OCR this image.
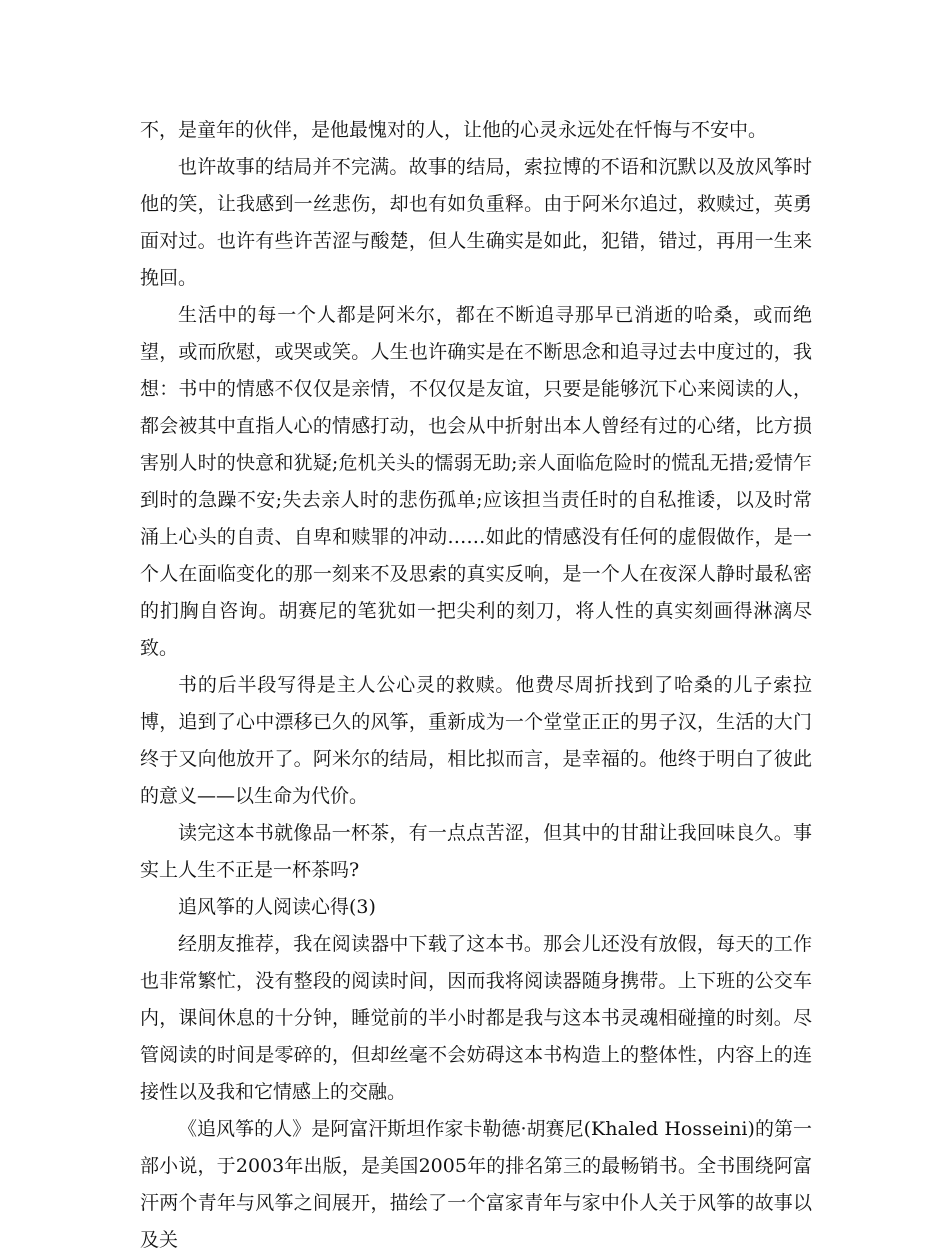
不，是童年的伙伴，是他最愧对的人，让他的心灵永远处在忏悔与不安中。

也许故事的结局并不完满。故事的结局，索拉博的不语和沉默以及放风筝时他的笑，让我感到一丝悲伤，却也有如负重释。由于阿米尔追过，救赎过，英勇面对过。也许有些许苦涩与酸楚，但人生确实是如此，犯错，错过，再用一生来挽回。

生活中的每一个人都是阿米尔，都在不断追寻那早已消逝的哈桑，或而绝望，或而欣慰，或哭或笑。人生也许确实是在不断思念和追寻过去中度过的，我想：书中的情感不仅仅是亲情，不仅仅是友谊，只要是能够沉下心来阅读的人，都会被其中直指人心的情感打动，也会从中折射出本人曾经有过的心绪，比方损害别人时的快意和犹疑;危机关头的懦弱无助;亲人面临危险时的慌乱无措;爱情乍到时的急躁不安;失去亲人时的悲伤孤单;应该担当责任时的自私推诿，以及时常涌上心头的自责、自卑和赎罪的冲动……如此的情感没有任何的虚假做作，是一个人在面临变化的那一刻来不及思索的真实反响，是一个人在夜深人静时最私密的扪胸自咨询。胡赛尼的笔犹如一把尖利的刻刀，将人性的真实刻画得淋漓尽致。

书的后半段写得是主人公心灵的救赎。他费尽周折找到了哈桑的儿子索拉博，追到了心中漂移已久的风筝，重新成为一个堂堂正正的男子汉，生活的大门终于又向他放开了。阿米尔的结局，相比拟而言，是幸福的。他终于明白了彼此的意义——以生命为代价。

读完这本书就像品一杯茶，有一点点苦涩，但其中的甘甜让我回味良久。事实上人生不正是一杯茶吗?

追风筝的人阅读心得(3)

经朋友推荐，我在阅读器中下载了这本书。那会儿还没有放假，每天的工作也非常繁忙，没有整段的阅读时间，因而我将阅读器随身携带。上下班的公交车内，课间休息的十分钟，睡觉前的半小时都是我与这本书灵魂相碰撞的时刻。尽管阅读的时间是零碎的，但却丝毫不会妨碍这本书构造上的整体性，内容上的连接性以及我和它情感上的交融。

《追风筝的人》是阿富汗斯坦作家卡勒德·胡赛尼(Khaled Hosseini)的第一部小说，于2003年出版，是美国2005年的排名第三的最畅销书。全书围绕阿富汗两个青年与风筝之间展开，描绘了一个富家青年与家中仆人关于风筝的故事以及关
